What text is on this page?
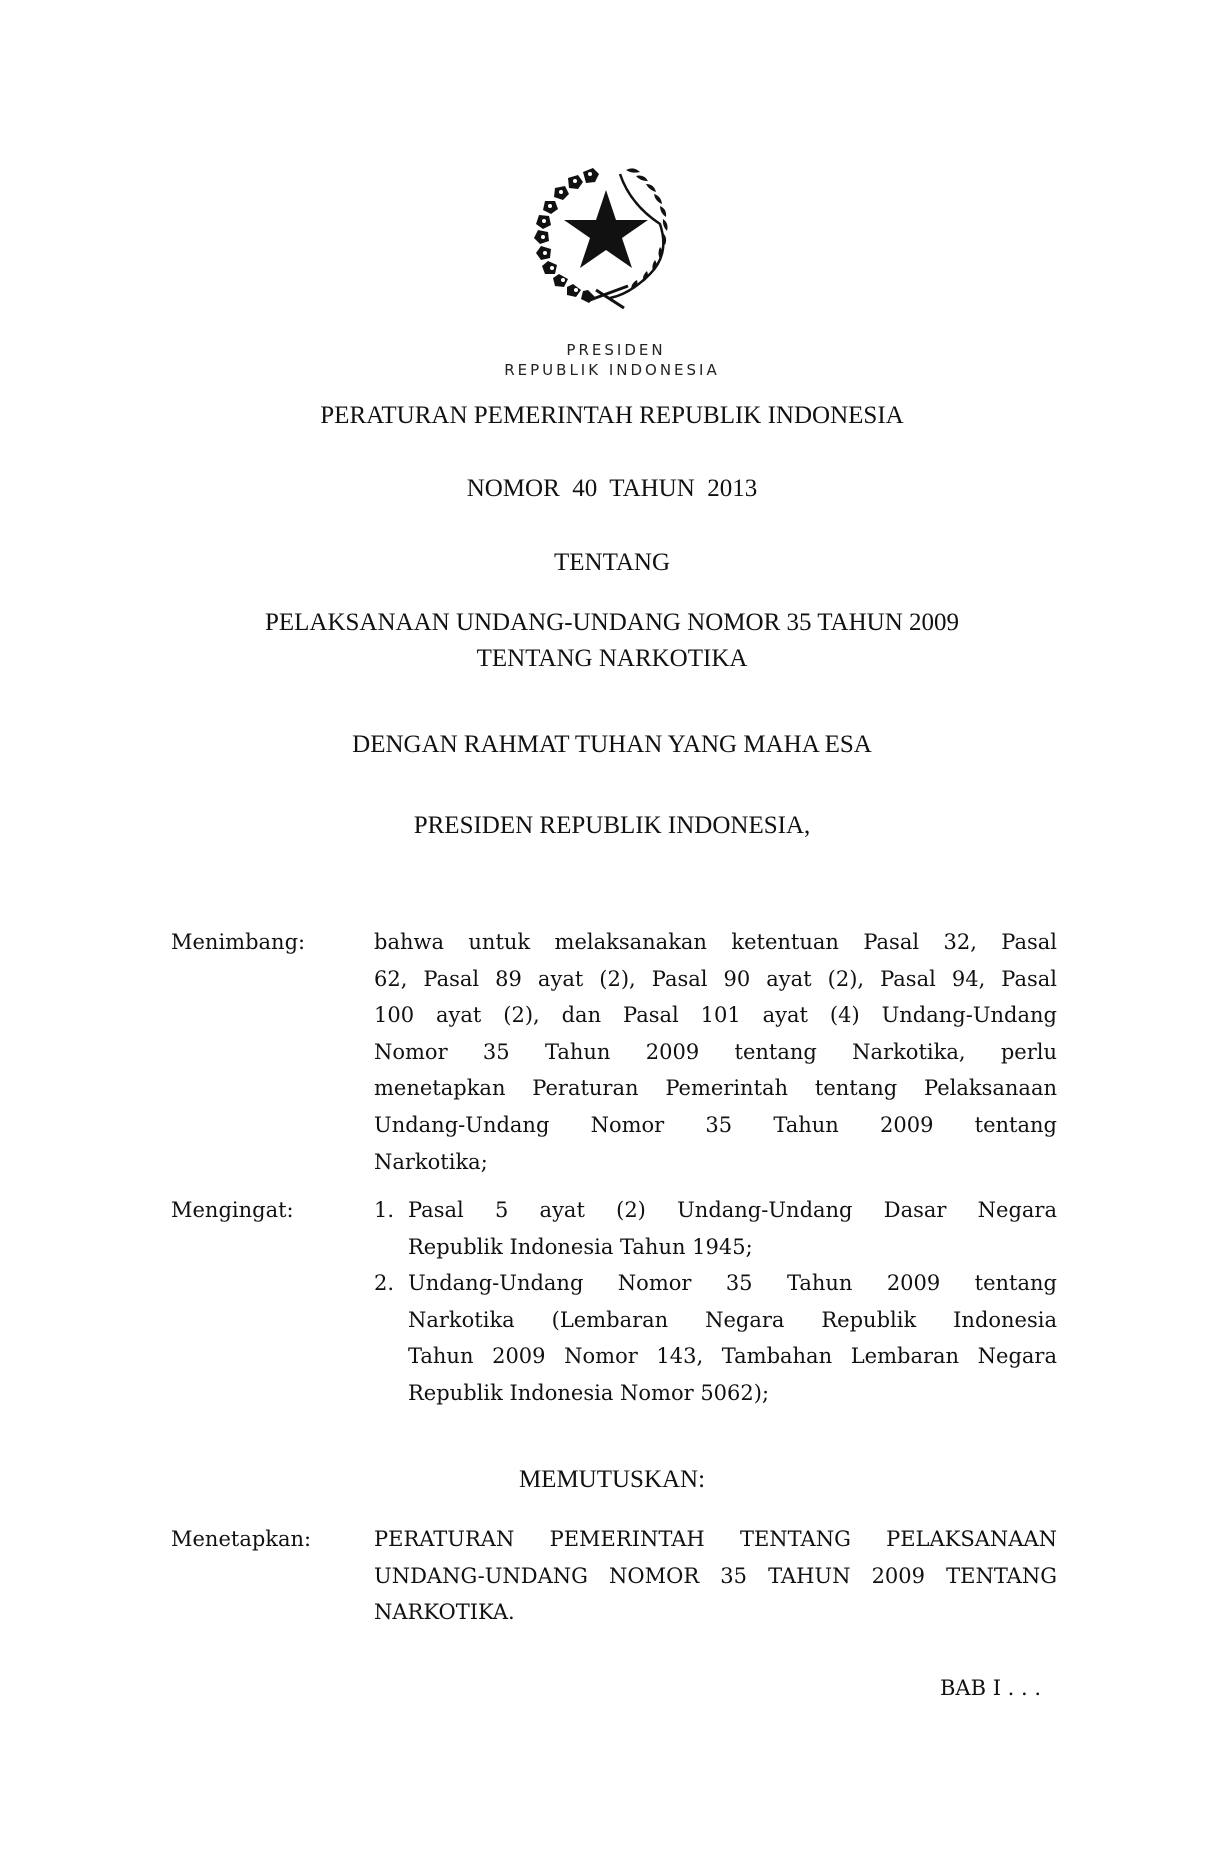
PRESIDEN
REPUBLIK INDONESIA
PERATURAN PEMERINTAH REPUBLIK INDONESIA
NOMOR  40  TAHUN  2013
TENTANG
PELAKSANAAN UNDANG-UNDANG NOMOR 35 TAHUN 2009
TENTANG NARKOTIKA
DENGAN RAHMAT TUHAN YANG MAHA ESA
PRESIDEN REPUBLIK INDONESIA,
Menimbang:	bahwa untuk melaksanakan ketentuan Pasal 32, Pasal
62, Pasal 89 ayat (2), Pasal 90 ayat (2), Pasal 94, Pasal
100 ayat (2), dan Pasal 101 ayat (4) Undang-Undang
Nomor 35 Tahun 2009 tentang Narkotika, perlu
menetapkan Peraturan Pemerintah tentang Pelaksanaan
Undang-Undang Nomor 35 Tahun 2009 tentang
Narkotika;
Mengingat:	1. Pasal 5 ayat (2) Undang-Undang Dasar Negara
Republik Indonesia Tahun 1945;
2. Undang-Undang Nomor 35 Tahun 2009 tentang
Narkotika (Lembaran Negara Republik Indonesia
Tahun 2009 Nomor 143, Tambahan Lembaran Negara
Republik Indonesia Nomor 5062);
MEMUTUSKAN:
Menetapkan:	PERATURAN PEMERINTAH TENTANG PELAKSANAAN
UNDANG-UNDANG NOMOR 35 TAHUN 2009 TENTANG
NARKOTIKA.
BAB I . . .
